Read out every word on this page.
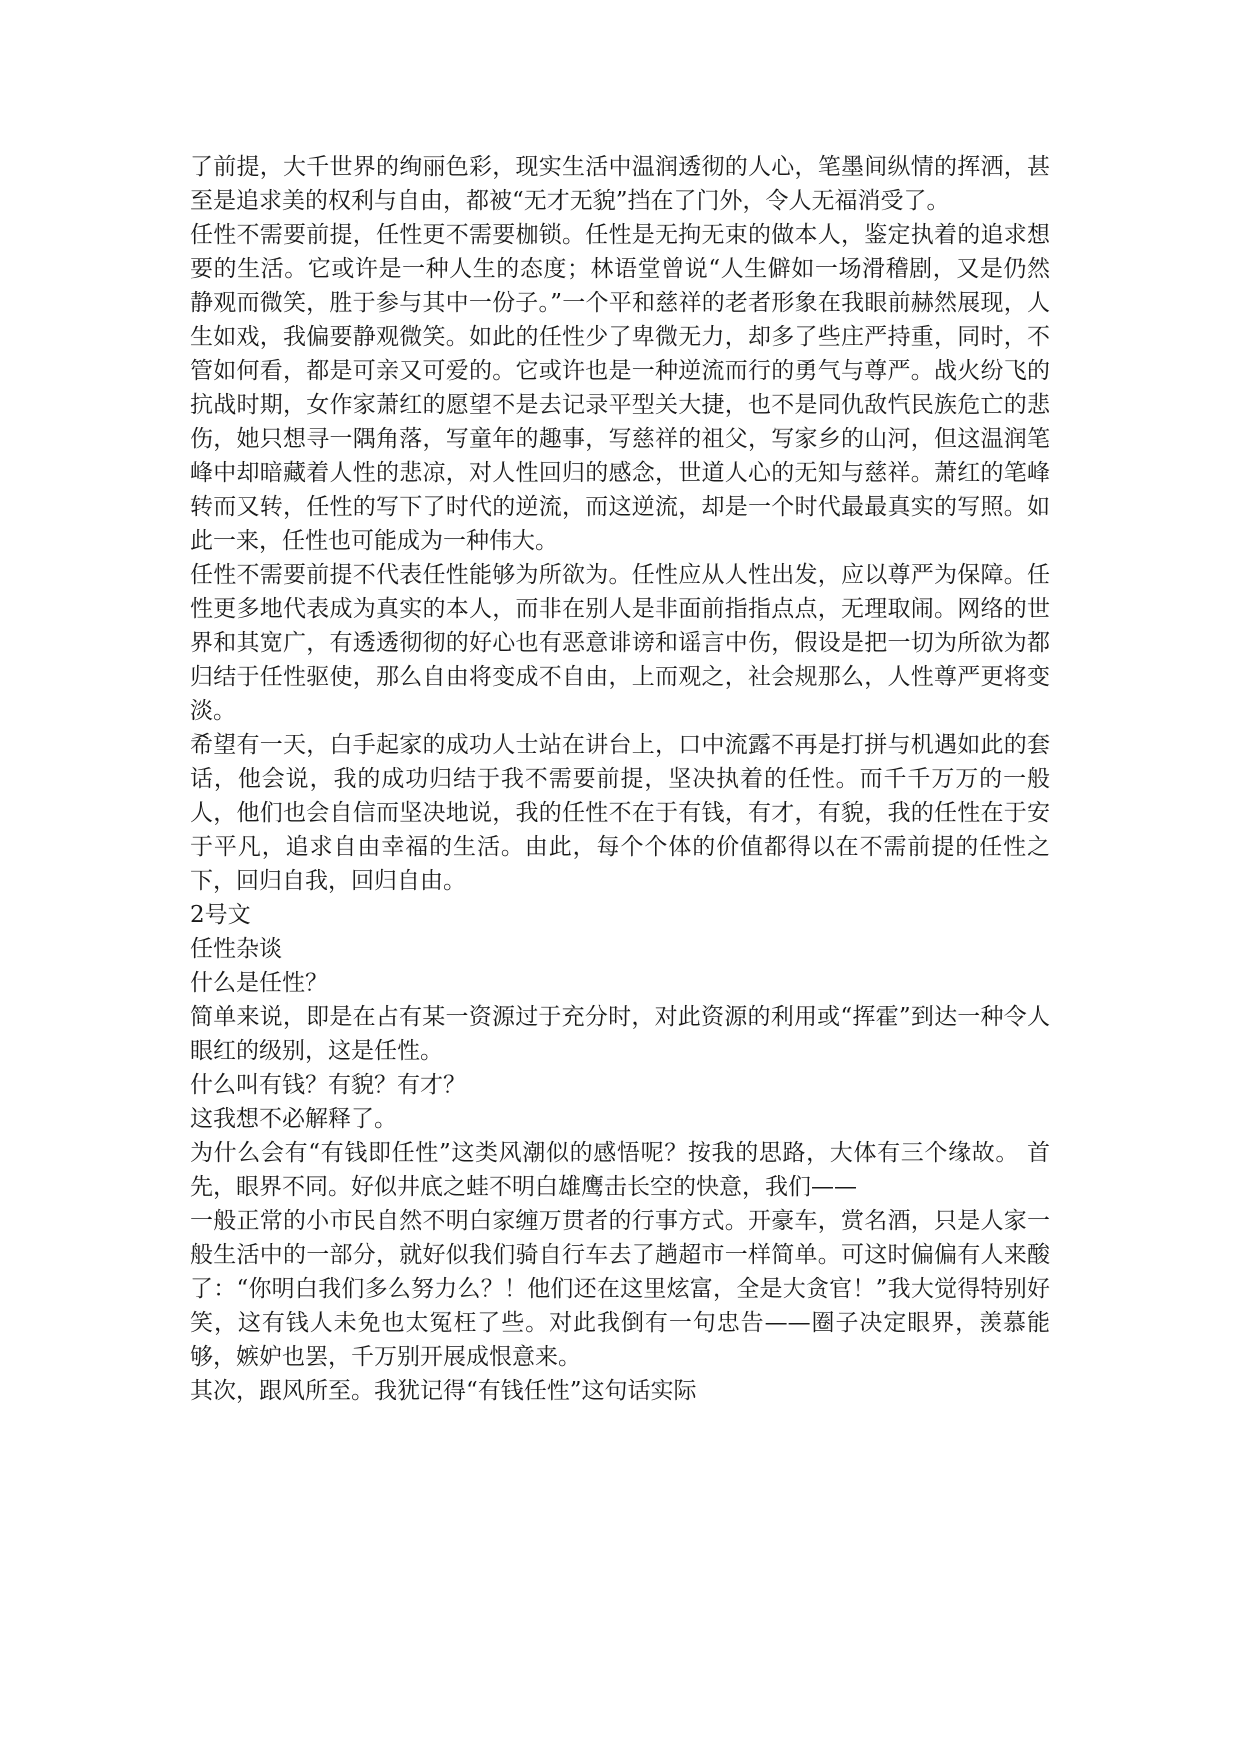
了前提，大千世界的绚丽色彩，现实生活中温润透彻的人心，笔墨间纵情的挥洒，甚至是追求美的权利与自由，都被“无才无貌”挡在了门外，令人无福消受了。

任性不需要前提，任性更不需要枷锁。任性是无拘无束的做本人，鉴定执着的追求想要的生活。它或许是一种人生的态度；林语堂曾说“人生僻如一场滑稽剧，又是仍然静观而微笑，胜于参与其中一份子。”一个平和慈祥的老者形象在我眼前赫然展现，人生如戏，我偏要静观微笑。如此的任性少了卑微无力，却多了些庄严持重，同时，不管如何看，都是可亲又可爱的。它或许也是一种逆流而行的勇气与尊严。战火纷飞的抗战时期，女作家萧红的愿望不是去记录平型关大捷，也不是同仇敌忾民族危亡的悲伤，她只想寻一隅角落，写童年的趣事，写慈祥的祖父，写家乡的山河，但这温润笔峰中却暗藏着人性的悲凉，对人性回归的感念，世道人心的无知与慈祥。萧红的笔峰转而又转，任性的写下了时代的逆流，而这逆流，却是一个时代最最真实的写照。如此一来，任性也可能成为一种伟大。

任性不需要前提不代表任性能够为所欲为。任性应从人性出发，应以尊严为保障。任性更多地代表成为真实的本人，而非在别人是非面前指指点点，无理取闹。网络的世界和其宽广，有透透彻彻的好心也有恶意诽谤和谣言中伤，假设是把一切为所欲为都归结于任性驱使，那么自由将变成不自由，上而观之，社会规那么，人性尊严更将变淡。

希望有一天，白手起家的成功人士站在讲台上，口中流露不再是打拼与机遇如此的套话，他会说，我的成功归结于我不需要前提，坚决执着的任性。而千千万万的一般人，他们也会自信而坚决地说，我的任性不在于有钱，有才，有貌，我的任性在于安于平凡，追求自由幸福的生活。由此，每个个体的价值都得以在不需前提的任性之下，回归自我，回归自由。

2号文

任性杂谈

什么是任性？

简单来说，即是在占有某一资源过于充分时，对此资源的利用或“挥霍”到达一种令人眼红的级别，这是任性。

什么叫有钱？有貌？有才？

这我想不必解释了。

为什么会有“有钱即任性”这类风潮似的感悟呢？按我的思路，大体有三个缘故。 首先，眼界不同。好似井底之蛙不明白雄鹰击长空的快意，我们——

一般正常的小市民自然不明白家缠万贯者的行事方式。开豪车，赏名酒，只是人家一般生活中的一部分，就好似我们骑自行车去了趟超市一样简单。可这时偏偏有人来酸了：“你明白我们多么努力么？！他们还在这里炫富，全是大贪官！”我大觉得特别好笑，这有钱人未免也太冤枉了些。对此我倒有一句忠告——圈子决定眼界，羡慕能够，嫉妒也罢，千万别开展成恨意来。

其次，跟风所至。我犹记得“有钱任性”这句话实际
